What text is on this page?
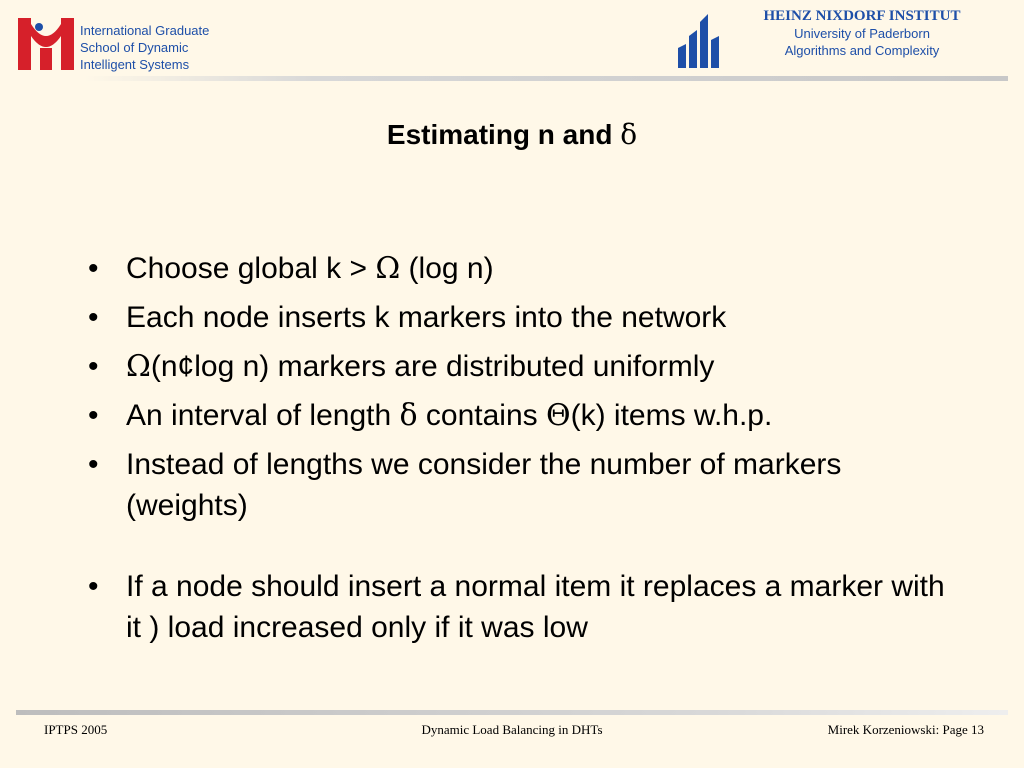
International Graduate
School of Dynamic
Intelligent Systems
HEINZ NIXDORF INSTITUT
University of Paderborn
Algorithms and Complexity
Estimating n and δ
• Choose global k > Ω (log n)
• Each node inserts k markers into the network
• Ω(n¢log n) markers are distributed uniformly
• An interval of length δ contains Θ(k) items w.h.p.
• Instead of lengths we consider the number of markers (weights)
• If a node should insert a normal item it replaces a marker with it ) load increased only if it was low
IPTPS 2005	Dynamic Load Balancing in DHTs	Mirek Korzeniowski: Page 13
